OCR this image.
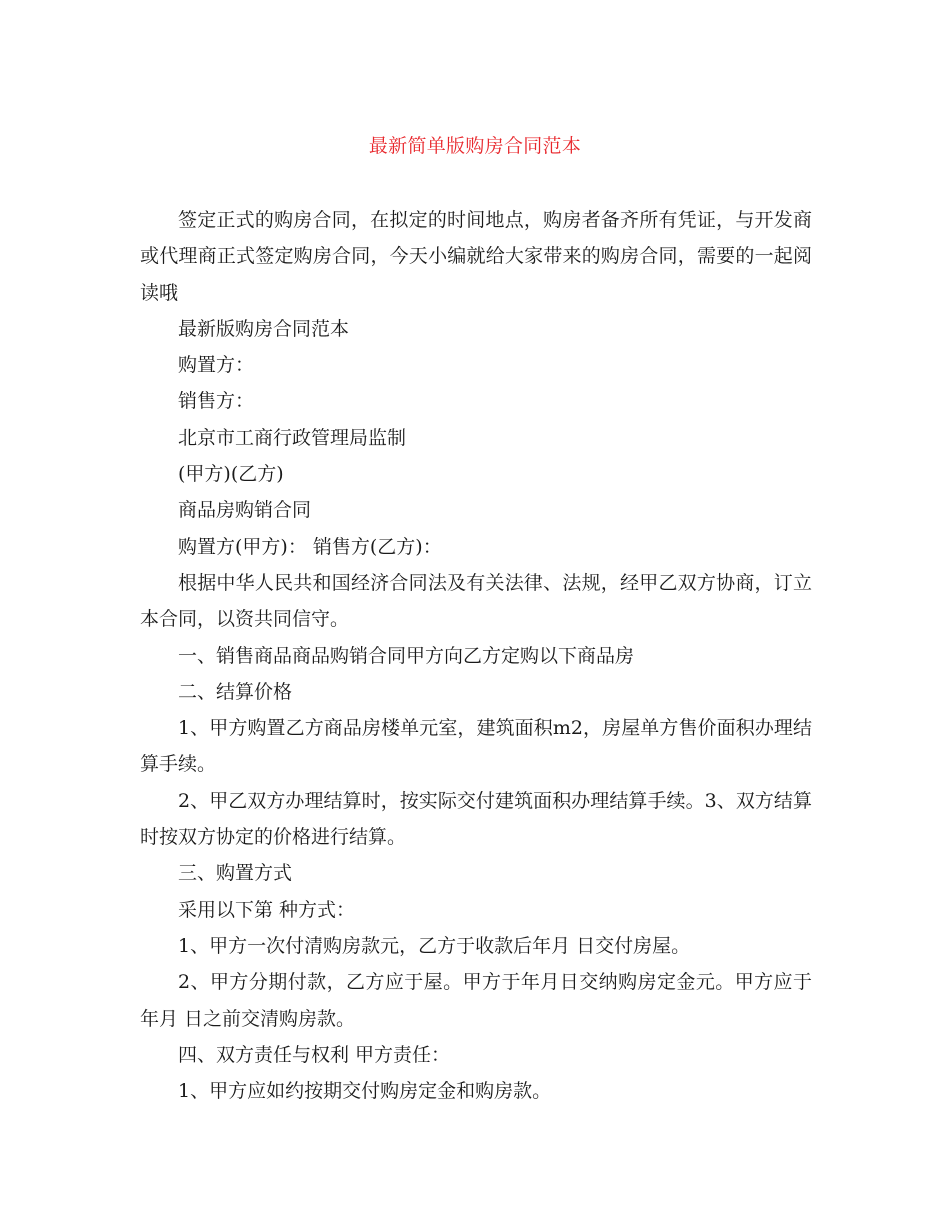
最新简单版购房合同范本

签定正式的购房合同，在拟定的时间地点，购房者备齐所有凭证，与开发商或代理商正式签定购房合同，今天小编就给大家带来的购房合同，需要的一起阅读哦

最新版购房合同范本

购置方：

销售方：

北京市工商行政管理局监制

(甲方)(乙方)

商品房购销合同

购置方(甲方)： 销售方(乙方)：

根据中华人民共和国经济合同法及有关法律、法规，经甲乙双方协商，订立本合同，以资共同信守。

一、销售商品商品购销合同甲方向乙方定购以下商品房

二、结算价格

1、甲方购置乙方商品房楼单元室，建筑面积m2，房屋单方售价面积办理结算手续。

2、甲乙双方办理结算时，按实际交付建筑面积办理结算手续。3、双方结算时按双方协定的价格进行结算。

三、购置方式

采用以下第 种方式：

1、甲方一次付清购房款元，乙方于收款后年月 日交付房屋。

2、甲方分期付款，乙方应于屋。甲方于年月日交纳购房定金元。甲方应于 年月 日之前交清购房款。

四、双方责任与权利 甲方责任：

1、甲方应如约按期交付购房定金和购房款。
